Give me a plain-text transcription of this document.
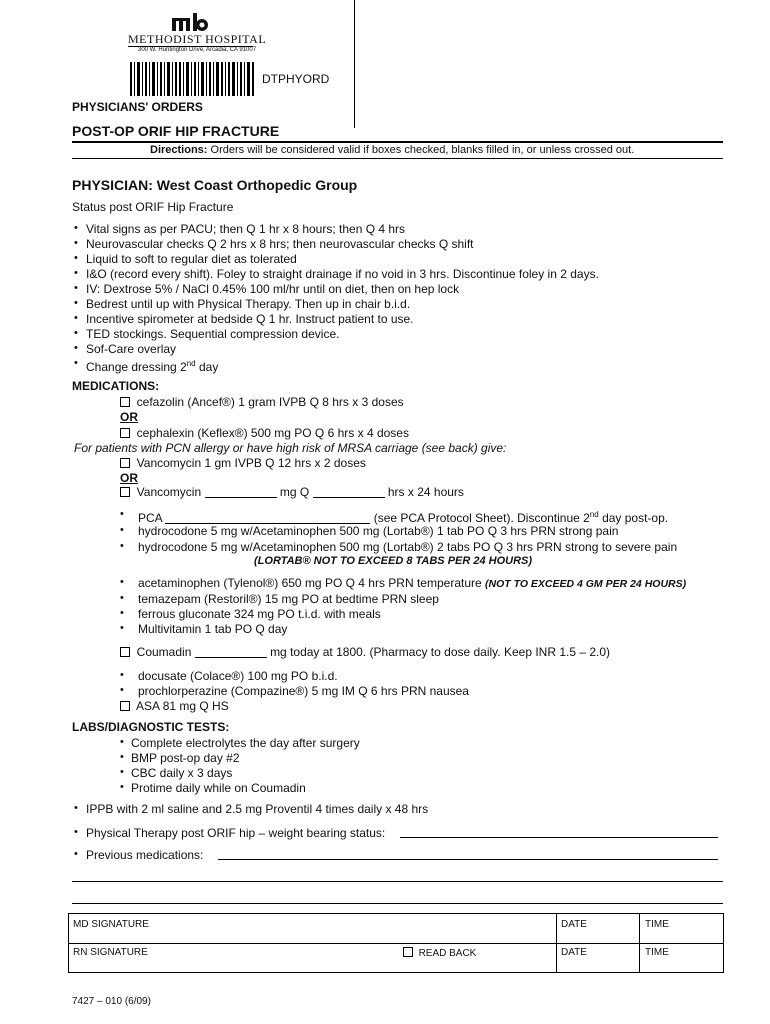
METHODIST HOSPITAL
300 W. Huntington Drive, Arcadia, CA 91007
DTPHYORD
PHYSICIANS' ORDERS
POST-OP ORIF HIP FRACTURE
Directions: Orders will be considered valid if boxes checked, blanks filled in, or unless crossed out.
PHYSICIAN: West Coast Orthopedic Group
Status post ORIF Hip Fracture
• Vital signs as per PACU; then Q 1 hr x 8 hours; then Q 4 hrs
• Neurovascular checks Q 2 hrs x 8 hrs; then neurovascular checks Q shift
• Liquid to soft to regular diet as tolerated
• I&O (record every shift). Foley to straight drainage if no void in 3 hrs. Discontinue foley in 2 days.
• IV: Dextrose 5% / NaCl 0.45% 100 ml/hr until on diet, then on hep lock
• Bedrest until up with Physical Therapy. Then up in chair b.i.d.
• Incentive spirometer at bedside Q 1 hr. Instruct patient to use.
• TED stockings. Sequential compression device.
• Sof-Care overlay
• Change dressing 2nd day
MEDICATIONS:
cefazolin (Ancef®) 1 gram IVPB Q 8 hrs x 3 doses
OR
cephalexin (Keflex®) 500 mg PO Q 6 hrs x 4 doses
For patients with PCN allergy or have high risk of MRSA carriage (see back) give:
Vancomycin 1 gm IVPB Q 12 hrs x 2 doses
OR
Vancomycin	mg Q	hrs x 24 hours
• PCA	(see PCA Protocol Sheet). Discontinue 2nd day post-op.
• hydrocodone 5 mg w/Acetaminophen 500 mg (Lortab®) 1 tab PO Q 3 hrs PRN strong pain
• hydrocodone 5 mg w/Acetaminophen 500 mg (Lortab®) 2 tabs PO Q 3 hrs PRN strong to severe pain
(LORTAB® NOT TO EXCEED 8 TABS PER 24 HOURS)
• acetaminophen (Tylenol®) 650 mg PO Q 4 hrs PRN temperature (NOT TO EXCEED 4 GM PER 24 HOURS)
• temazepam (Restoril®) 15 mg PO at bedtime PRN sleep
• ferrous gluconate 324 mg PO t.i.d. with meals
• Multivitamin 1 tab PO Q day
Coumadin	mg today at 1800. (Pharmacy to dose daily. Keep INR 1.5 – 2.0)
• docusate (Colace®) 100 mg PO b.i.d.
• prochlorperazine (Compazine®) 5 mg IM Q 6 hrs PRN nausea
ASA 81 mg Q HS
LABS/DIAGNOSTIC TESTS:
• Complete electrolytes the day after surgery
• BMP post-op day #2
• CBC daily x 3 days
• Protime daily while on Coumadin
• IPPB with 2 ml saline and 2.5 mg Proventil 4 times daily x 48 hrs
• Physical Therapy post ORIF hip – weight bearing status:
• Previous medications:
MD SIGNATURE	DATE	TIME
RN SIGNATURE	READ BACK	DATE	TIME
7427 – 010 (6/09)
